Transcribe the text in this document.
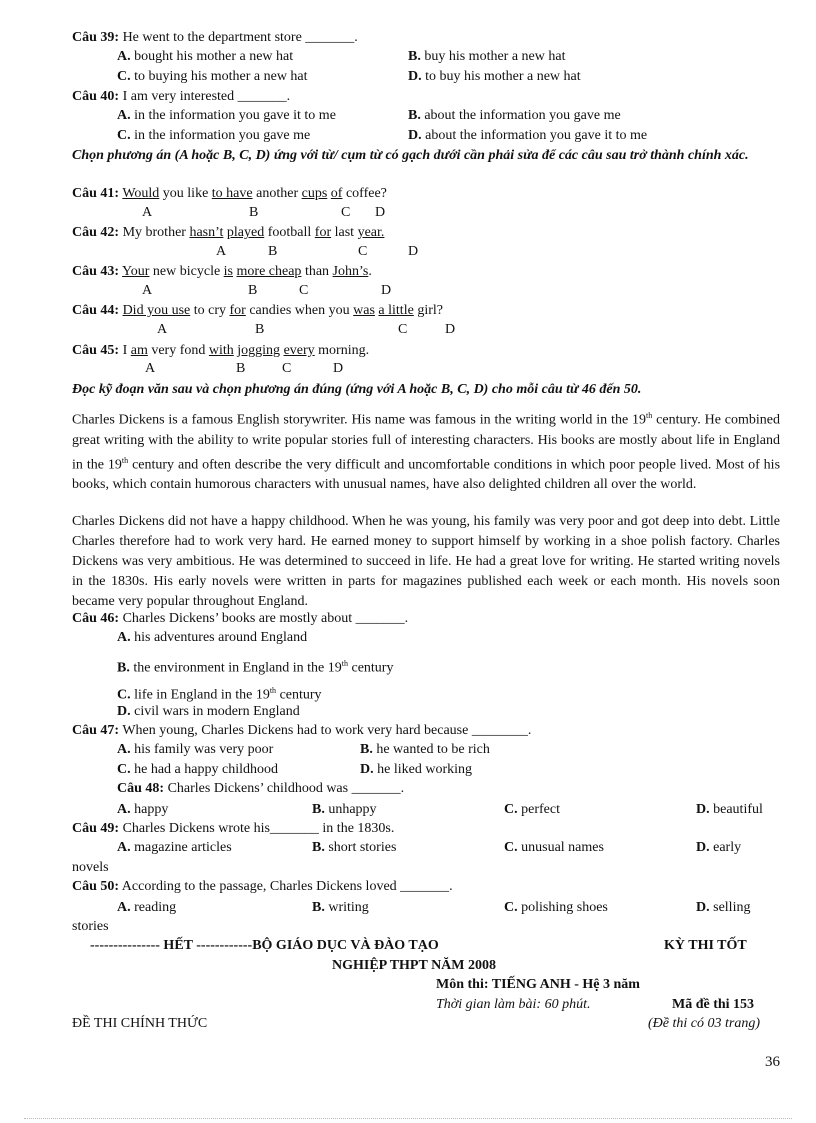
Câu 39: He went to the department store _______.
A. bought his mother a new hat	B. buy his mother a new hat
C. to buying his mother a new hat	D. to buy his mother a new hat
Câu 40: I am very interested _______.
A. in the information you gave it to me	B. about the information you gave me
C. in the information you gave me	D. about the information you gave it to me
Chọn phương án (A hoặc B, C, D) ứng với từ/ cụm từ có gạch dưới cần phải sửa để các câu sau trở thành chính xác.
Câu 41: Would you like to have another cups of coffee?
A	B	C D
Câu 42: My brother hasn’t played football for last year.
A	B	C	D
Câu 43: Your new bicycle is more cheap than John’s.
A	B	C	D
Câu 44: Did you use to cry for candies when you was a little girl?
A	B	C	D
Câu 45: I am very fond with jogging every morning.
A	B	C	D
Đọc kỹ đoạn văn sau và chọn phương án đúng (ứng với A hoặc B, C, D) cho mỗi câu từ 46 đến 50.
Charles Dickens is a famous English storywriter. His name was famous in the writing world in the 19th century. He combined great writing with the ability to write popular stories full of interesting characters. His books are mostly about life in England in the 19th century and often describe the very difficult and uncomfortable conditions in which poor people lived. Most of his books, which contain humorous characters with unusual names, have also delighted children all over the world.
Charles Dickens did not have a happy childhood. When he was young, his family was very poor and got deep into debt. Little Charles therefore had to work very hard. He earned money to support himself by working in a shoe polish factory. Charles Dickens was very ambitious. He was determined to succeed in life. He had a great love for writing. He started writing novels in the 1830s. His early novels were written in parts for magazines published each week or each month. His novels soon became very popular throughout England.
Câu 46: Charles Dickens’ books are mostly about _______.
A. his adventures around England
B. the environment in England in the 19th century
C. life in England in the 19th century
D. civil wars in modern England
Câu 47: When young, Charles Dickens had to work very hard because ________.
A. his family was very poor	B. he wanted to be rich
C. he had a happy childhood	D. he liked working
Câu 48: Charles Dickens’ childhood was _______.
A. happy	B. unhappy	C. perfect	D. beautiful
Câu 49: Charles Dickens wrote his_______ in the 1830s.
A. magazine articles	B. short stories	C. unusual names	D. early
novels
Câu 50: According to the passage, Charles Dickens loved _______.
A. reading	B. writing	C. polishing shoes	D. selling
stories
--------------- HẾT ------------BỘ GIÁO DỤC VÀ ĐÀO TẠO	KỲ THI TỐT
NGHIỆP THPT NĂM 2008
Môn thi: TIẾNG ANH - Hệ 3 năm
Thời gian làm bài: 60 phút.	Mã đề thi 153
ĐỀ THI CHÍNH THỨC	(Đề thi có 03 trang)
36
